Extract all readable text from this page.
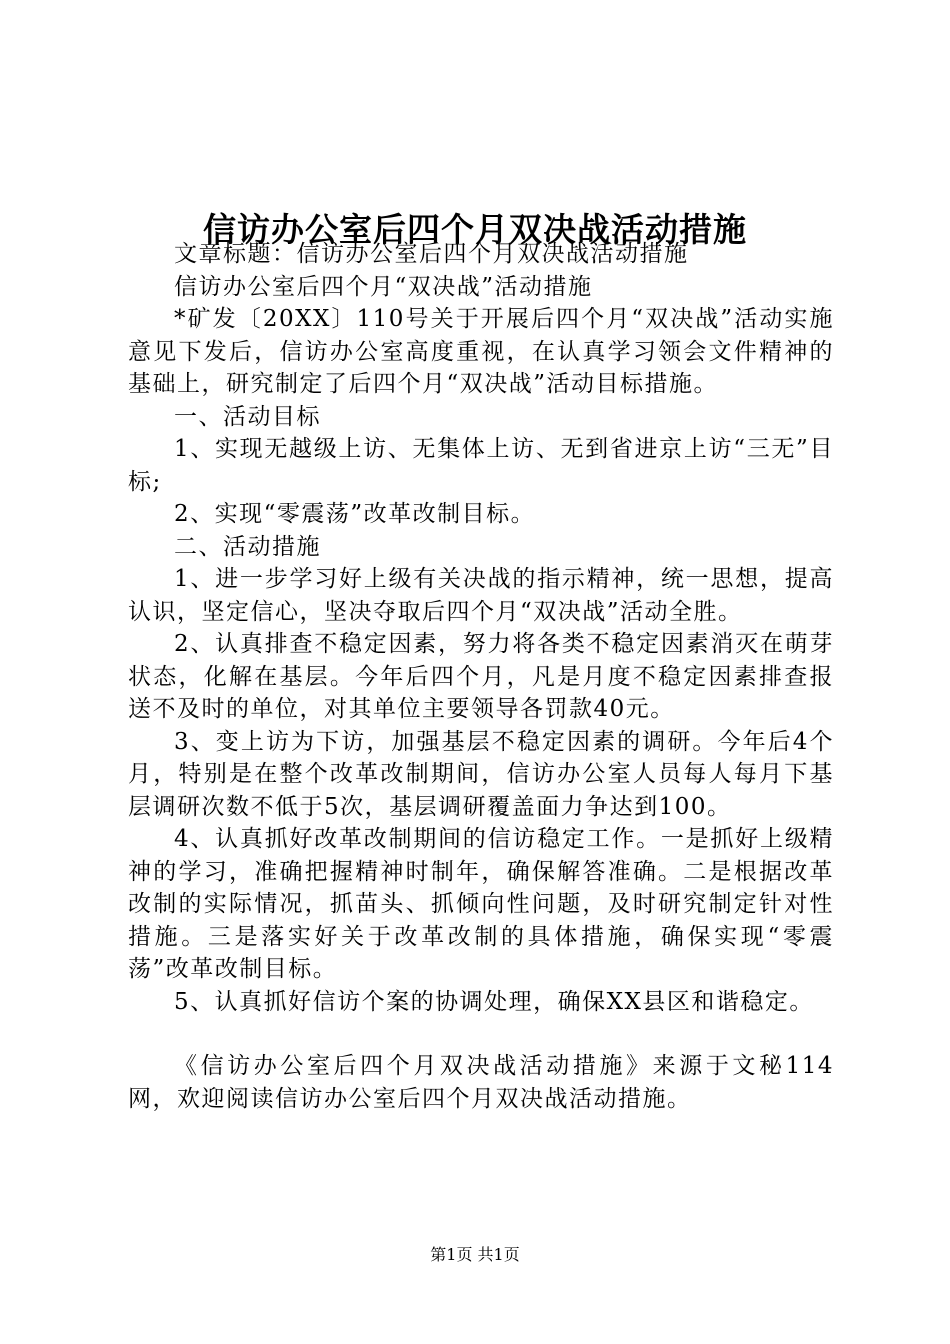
信访办公室后四个月双决战活动措施

文章标题：信访办公室后四个月双决战活动措施

信访办公室后四个月“双决战”活动措施

*矿发〔20XX〕110号关于开展后四个月“双决战”活动实施意见下发后，信访办公室高度重视，在认真学习领会文件精神的基础上，研究制定了后四个月“双决战”活动目标措施。

一、活动目标

1、实现无越级上访、无集体上访、无到省进京上访“三无”目标;

2、实现“零震荡”改革改制目标。

二、活动措施

1、进一步学习好上级有关决战的指示精神，统一思想，提高认识，坚定信心，坚决夺取后四个月“双决战”活动全胜。

2、认真排查不稳定因素，努力将各类不稳定因素消灭在萌芽状态，化解在基层。今年后四个月，凡是月度不稳定因素排查报送不及时的单位，对其单位主要领导各罚款40元。

3、变上访为下访，加强基层不稳定因素的调研。今年后4个月，特别是在整个改革改制期间，信访办公室人员每人每月下基层调研次数不低于5次，基层调研覆盖面力争达到100。

4、认真抓好改革改制期间的信访稳定工作。一是抓好上级精神的学习，准确把握精神时制年，确保解答准确。二是根据改革改制的实际情况，抓苗头、抓倾向性问题，及时研究制定针对性措施。三是落实好关于改革改制的具体措施，确保实现“零震荡”改革改制目标。

5、认真抓好信访个案的协调处理，确保XX县区和谐稳定。

《信访办公室后四个月双决战活动措施》来源于文秘114网，欢迎阅读信访办公室后四个月双决战活动措施。

第1页 共1页
